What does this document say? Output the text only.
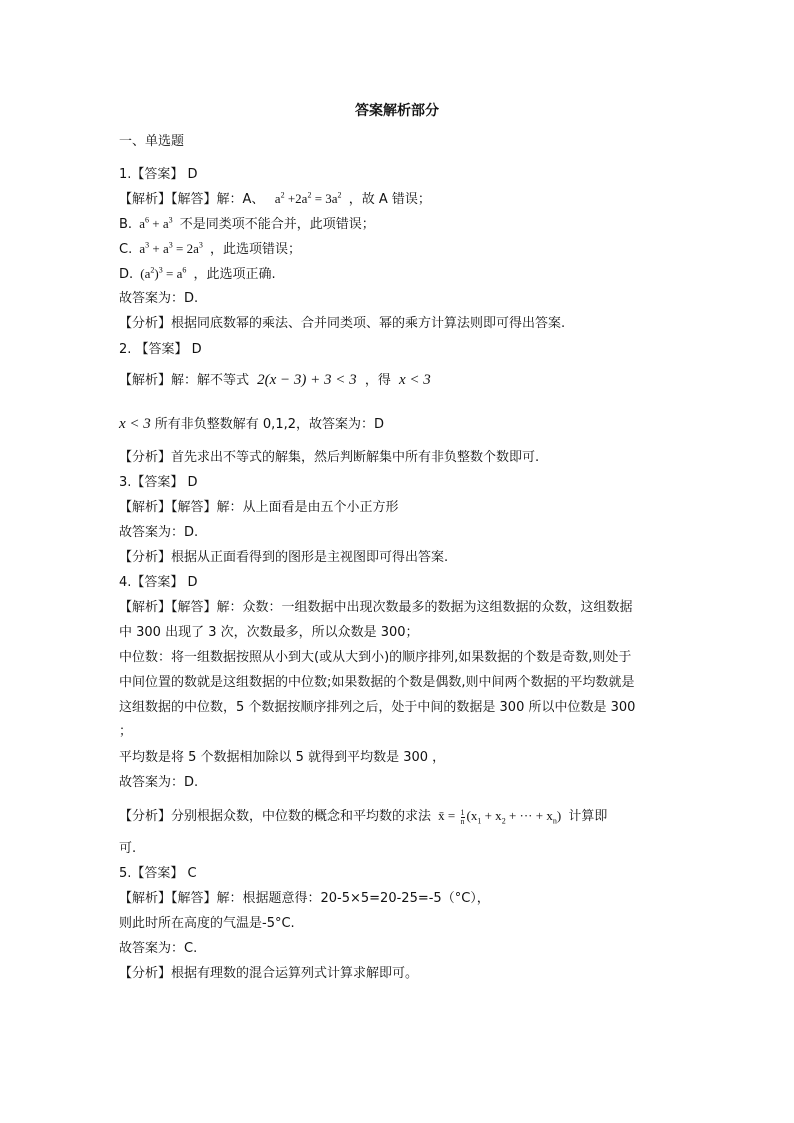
答案解析部分
一、单选题
1.【答案】 D
【解析】【解答】解：A、  $a^2 +2a^2 = 3a^2$ ，故 A 错误；
B. $a^6 + a^3$ 不是同类项不能合并，此项错误；
C. $a^3 + a^3 = 2a^3$ ，此选项错误；
D. $(a^2)^3 = a^6$ ，此选项正确.
故答案为：D.
【分析】根据同底数幂的乘法、合并同类项、幂的乘方计算法则即可得出答案.
2. 【答案】 D
【解析】解：解不等式 2(x − 3) + 3 < 3 ，得 x < 3
x < 3 所有非负整数解有 0,1,2，故答案为：D
【分析】首先求出不等式的解集，然后判断解集中所有非负整数个数即可.
3.【答案】 D
【解析】【解答】解：从上面看是由五个小正方形
故答案为：D.
【分析】根据从正面看得到的图形是主视图即可得出答案.
4.【答案】 D
【解析】【解答】解：众数：一组数据中出现次数最多的数据为这组数据的众数，这组数据
中 300 出现了 3 次，次数最多，所以众数是 300；
中位数：将一组数据按照从小到大(或从大到小)的顺序排列,如果数据的个数是奇数,则处于
中间位置的数就是这组数据的中位数;如果数据的个数是偶数,则中间两个数据的平均数就是
这组数据的中位数，5 个数据按顺序排列之后，处于中间的数据是 300 所以中位数是 300
；
平均数是将 5 个数据相加除以 5 就得到平均数是 300 ，
故答案为：D.
【分析】分别根据众数，中位数的概念和平均数的求法 x̄ = $\frac{1}{n} (x_1 + x_2$ + ··· + $x_n$) 计算即
可.
5.【答案】 C
【解析】【解答】解：根据题意得：20-5×5=20-25=-5（°C），
则此时所在高度的气温是-5°C.
故答案为：C.
【分析】根据有理数的混合运算列式计算求解即可。
